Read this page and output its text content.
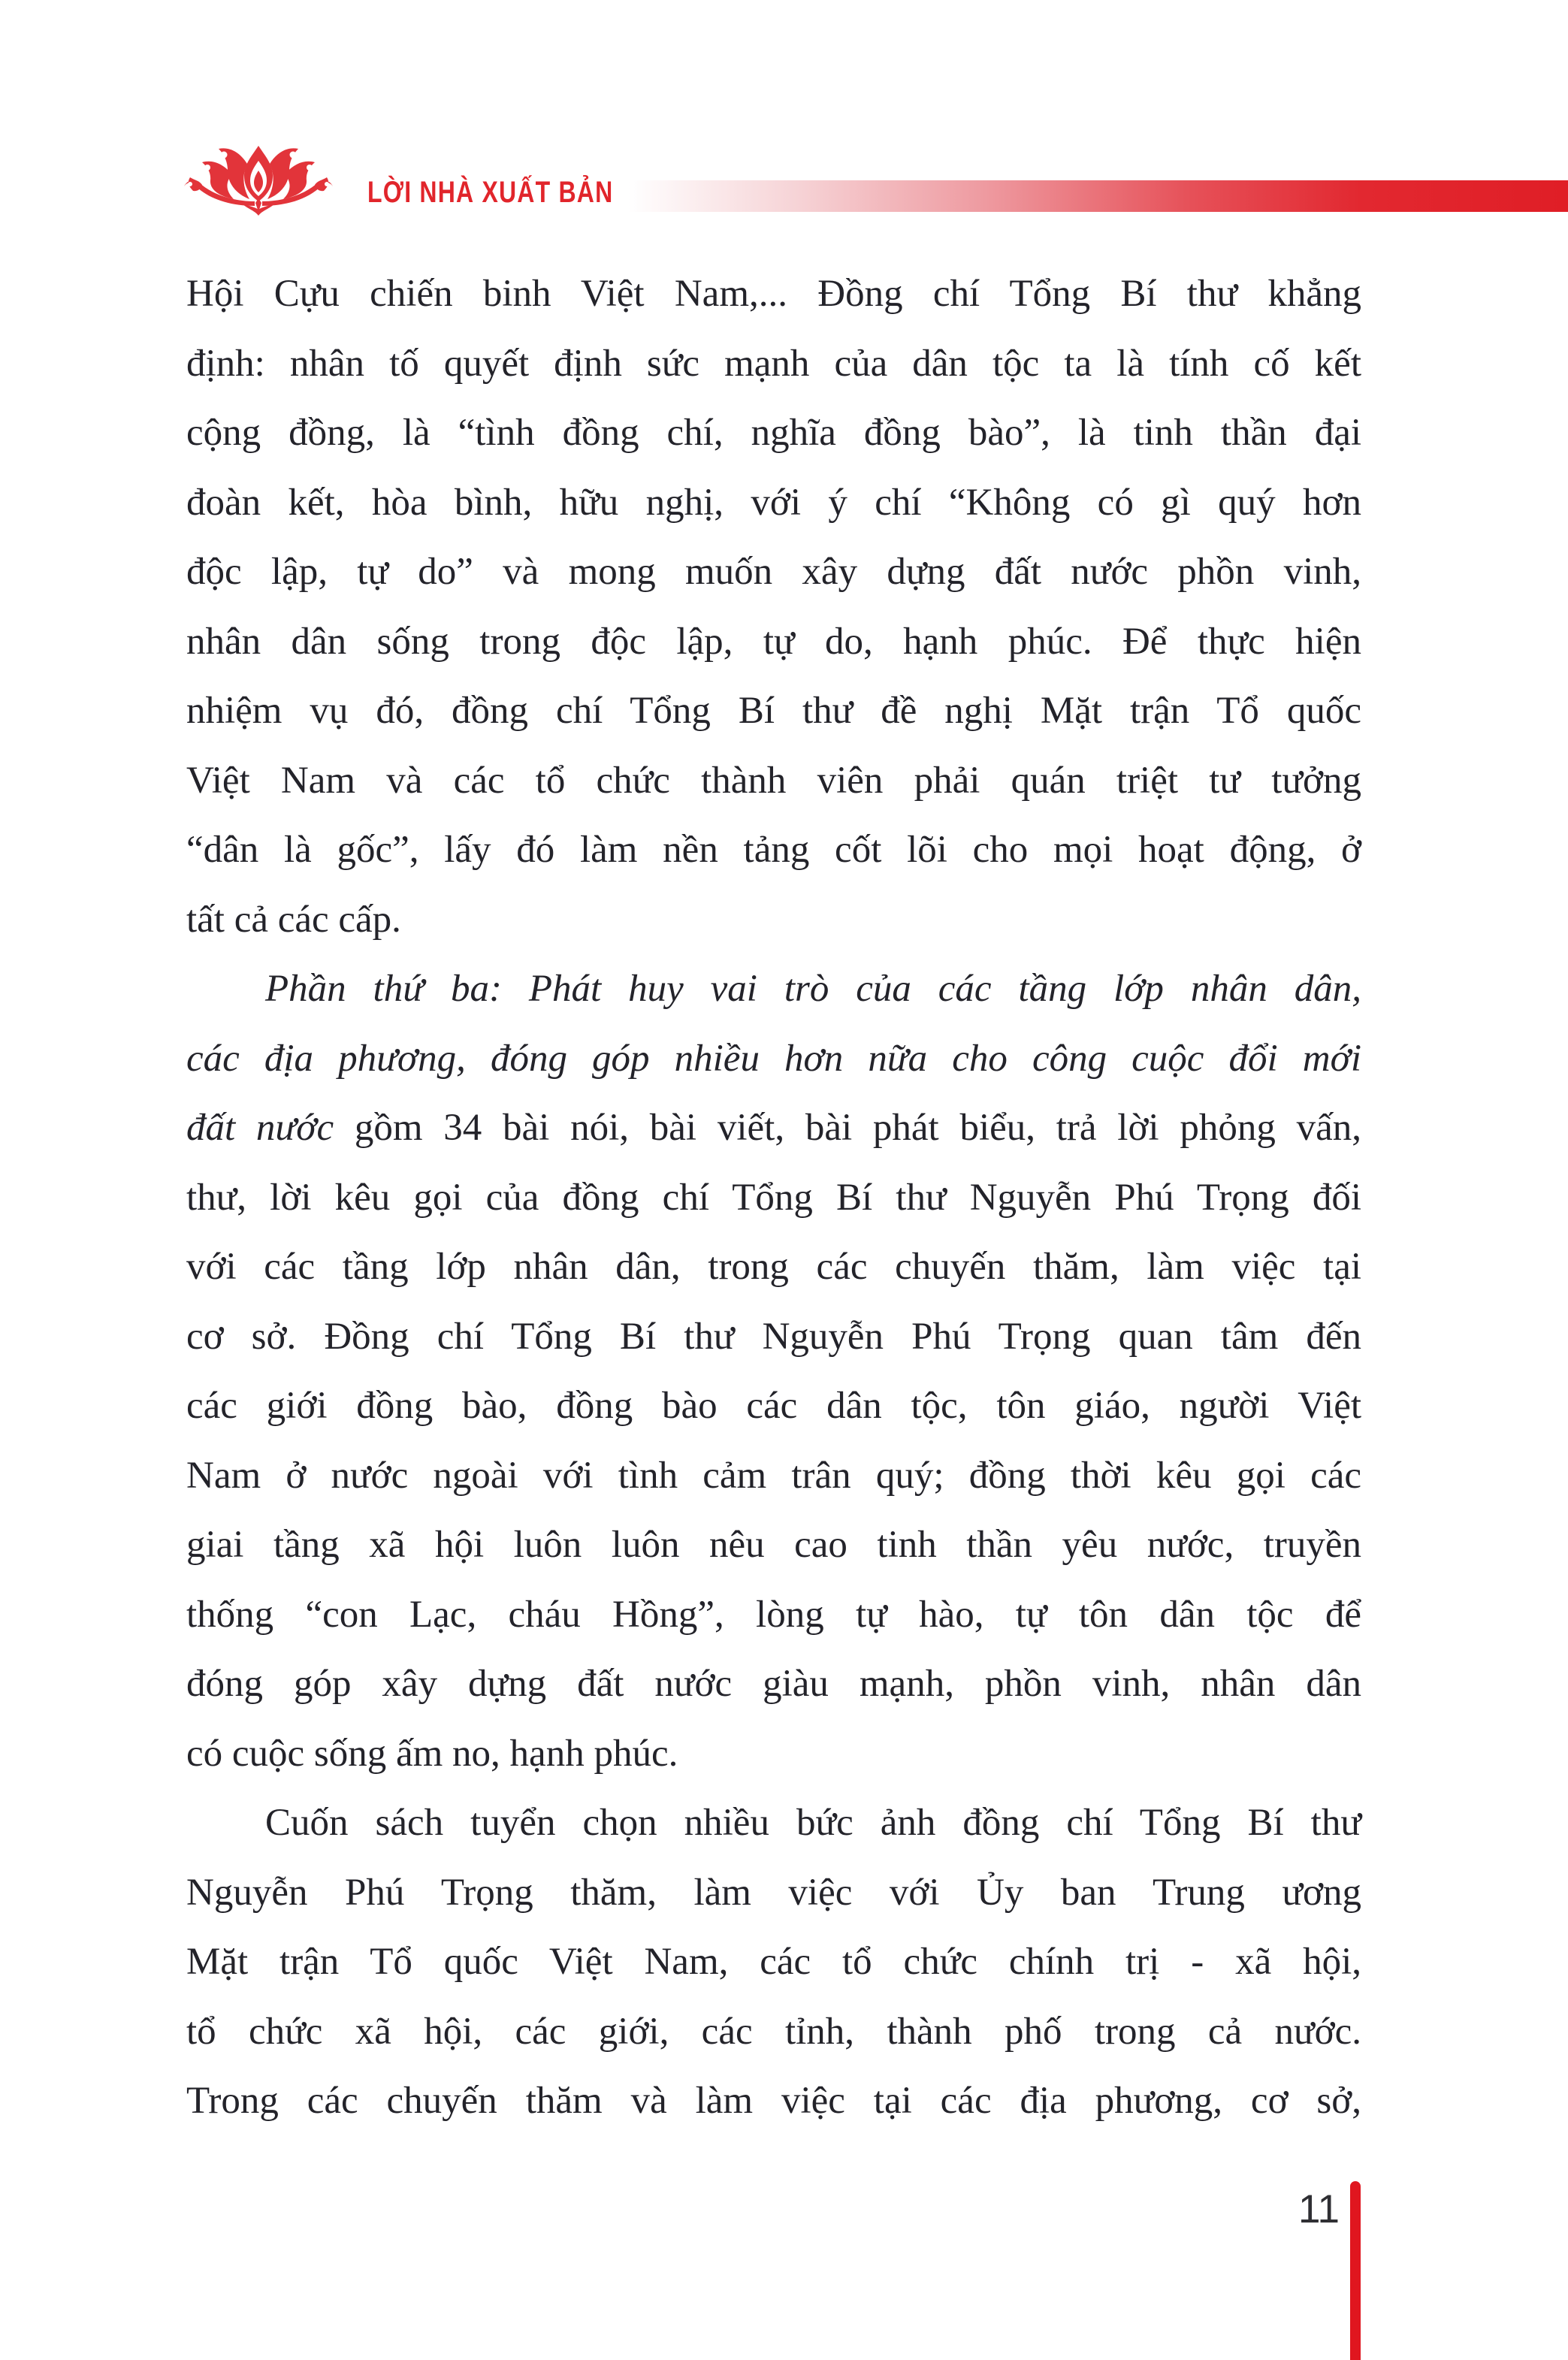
LỜI NHÀ XUẤT BẢN
Hội Cựu chiến binh Việt Nam,... Đồng chí Tổng Bí thư khẳng
định: nhân tố quyết định sức mạnh của dân tộc ta là tính cố kết
cộng đồng, là “tình đồng chí, nghĩa đồng bào”, là tinh thần đại
đoàn kết, hòa bình, hữu nghị, với ý chí “Không có gì quý hơn
độc lập, tự do” và mong muốn xây dựng đất nước phồn vinh,
nhân dân sống trong độc lập, tự do, hạnh phúc. Để thực hiện
nhiệm vụ đó, đồng chí Tổng Bí thư đề nghị Mặt trận Tổ quốc
Việt Nam và các tổ chức thành viên phải quán triệt tư tưởng
“dân là gốc”, lấy đó làm nền tảng cốt lõi cho mọi hoạt động, ở
tất cả các cấp.
Phần thứ ba: Phát huy vai trò của các tầng lớp nhân dân,
các địa phương, đóng góp nhiều hơn nữa cho công cuộc đổi mới
đất nước gồm 34 bài nói, bài viết, bài phát biểu, trả lời phỏng vấn,
thư, lời kêu gọi của đồng chí Tổng Bí thư Nguyễn Phú Trọng đối
với các tầng lớp nhân dân, trong các chuyến thăm, làm việc tại
cơ sở. Đồng chí Tổng Bí thư Nguyễn Phú Trọng quan tâm đến
các giới đồng bào, đồng bào các dân tộc, tôn giáo, người Việt
Nam ở nước ngoài với tình cảm trân quý; đồng thời kêu gọi các
giai tầng xã hội luôn luôn nêu cao tinh thần yêu nước, truyền
thống “con Lạc, cháu Hồng”, lòng tự hào, tự tôn dân tộc để
đóng góp xây dựng đất nước giàu mạnh, phồn vinh, nhân dân
có cuộc sống ấm no, hạnh phúc.
Cuốn sách tuyển chọn nhiều bức ảnh đồng chí Tổng Bí thư
Nguyễn Phú Trọng thăm, làm việc với Ủy ban Trung ương
Mặt trận Tổ quốc Việt Nam, các tổ chức chính trị - xã hội,
tổ chức xã hội, các giới, các tỉnh, thành phố trong cả nước.
Trong các chuyến thăm và làm việc tại các địa phương, cơ sở,
11
